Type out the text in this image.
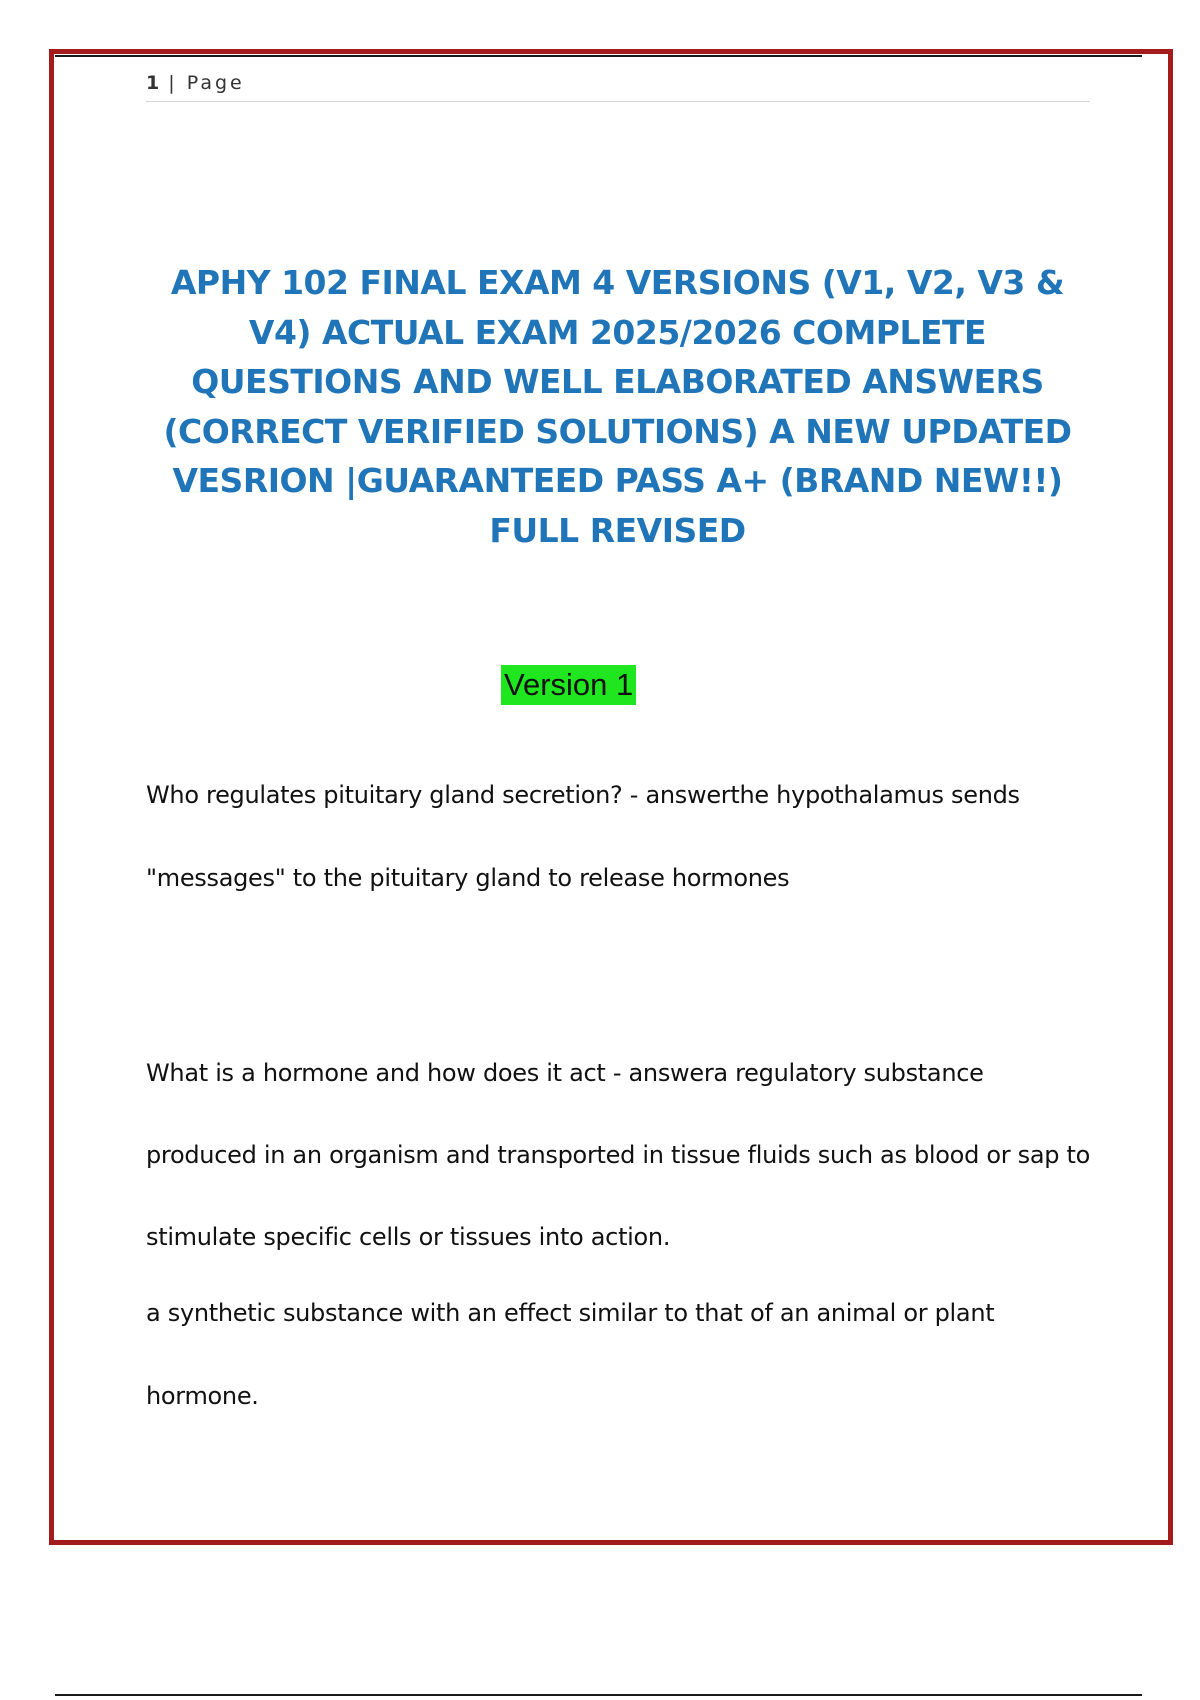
1 | Page
APHY 102 FINAL EXAM 4 VERSIONS (V1, V2, V3 & V4) ACTUAL EXAM 2025/2026 COMPLETE QUESTIONS AND WELL ELABORATED ANSWERS (CORRECT VERIFIED SOLUTIONS) A NEW UPDATED VESRION |GUARANTEED PASS A+ (BRAND NEW!!) FULL REVISED
Version 1

Who regulates pituitary gland secretion? - answerthe hypothalamus sends "messages" to the pituitary gland to release hormones

What is a hormone and how does it act - answera regulatory substance produced in an organism and transported in tissue fluids such as blood or sap to stimulate specific cells or tissues into action.

a synthetic substance with an effect similar to that of an animal or plant hormone.
